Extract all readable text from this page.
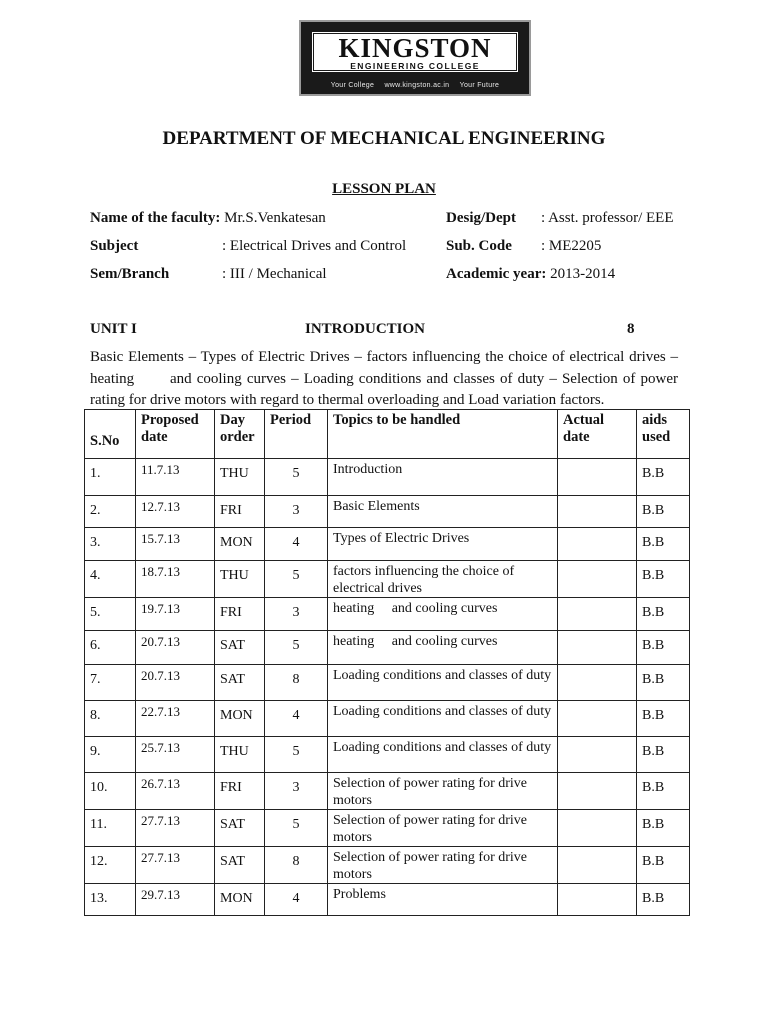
KINGSTON
ENGINEERING COLLEGE
Your College www.kingston.ac.in Your Future
DEPARTMENT OF MECHANICAL ENGINEERING
LESSON PLAN
Name of the faculty: Mr.S.Venkatesan	Desig/Dept : Asst. professor/ EEE
Subject	: Electrical Drives and Control	Sub. Code : ME2205
Sem/Branch	: III / Mechanical	Academic year: 2013-2014
UNIT I	INTRODUCTION	8
Basic Elements – Types of Electric Drives – factors influencing the choice of electrical drives –
heating       and cooling curves – Loading conditions and classes of duty – Selection of power
rating for drive motors with regard to thermal overloading and Load variation factors.
S.No	Proposed date	Day order	Period	Topics to be handled	Actual date	aids used
1.	11.7.13	THU	5	Introduction		B.B
2.	12.7.13	FRI	3	Basic Elements		B.B
3.	15.7.13	MON	4	Types of Electric Drives		B.B
4.	18.7.13	THU	5	factors influencing the choice of electrical drives		B.B
5.	19.7.13	FRI	3	heating     and cooling curves		B.B
6.	20.7.13	SAT	5	heating     and cooling curves		B.B
7.	20.7.13	SAT	8	Loading conditions and classes of duty		B.B
8.	22.7.13	MON	4	Loading conditions and classes of duty		B.B
9.	25.7.13	THU	5	Loading conditions and classes of duty		B.B
10.	26.7.13	FRI	3	Selection of power rating for drive motors		B.B
11.	27.7.13	SAT	5	Selection of power rating for drive motors		B.B
12.	27.7.13	SAT	8	Selection of power rating for drive motors		B.B
13.	29.7.13	MON	4	Problems		B.B
